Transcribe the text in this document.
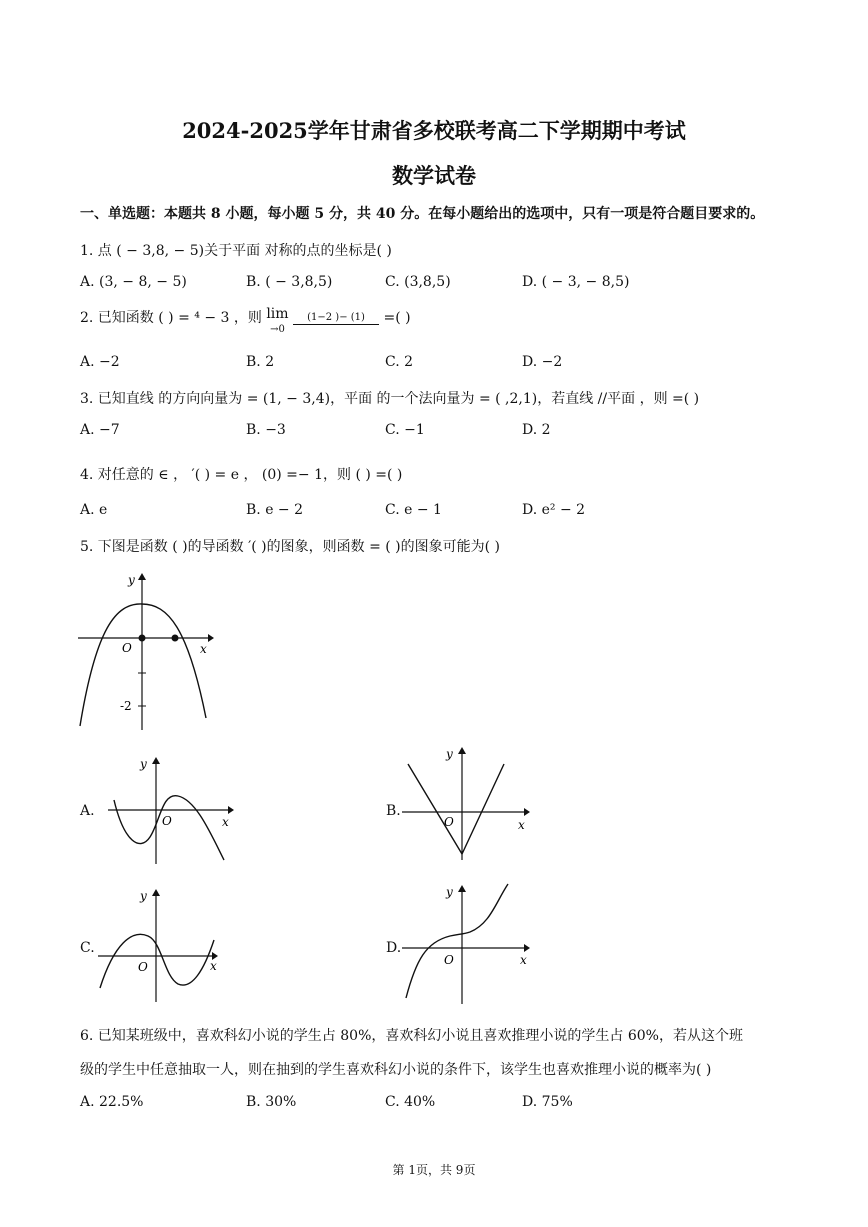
2024-2025学年甘肃省多校联考高二下学期期中考试
数学试卷
一、单选题：本题共 8 小题，每小题 5 分，共 40 分。在每小题给出的选项中，只有一项是符合题目要求的。
1. 点 ( − 3,8, − 5)关于平面 对称的点的坐标是( )
A. (3, − 8, − 5)	B. ( − 3,8,5)	C. (3,8,5)	D. ( − 3, − 8,5)
2. 已知函数 ( ) = ⁴ − 3 ，则 lim
→0 (1−2 )− (1) =( )
A. −2	B. 2	C. 2	D. −2
3. 已知直线 的方向向量为 = (1, − 3,4)，平面 的一个法向量为 = ( ,2,1)，若直线 //平面 ，则 =( )
A. −7	B. −3	C. −1	D. 2
4. 对任意的 ∈ ， ′( ) = e ， (0) =− 1，则 ( ) =( )
A. e	B. e − 2	C. e − 1	D. e² − 2
5. 下图是函数 ( )的导函数 ′( )的图象，则函数 = ( )的图象可能为( )
y
x
O
-2
A.
y
x
O
B.
y
x
O
C.
y
x
O
D.
y
x
O
6. 已知某班级中，喜欢科幻小说的学生占 80%，喜欢科幻小说且喜欢推理小说的学生占 60%，若从这个班
级的学生中任意抽取一人，则在抽到的学生喜欢科幻小说的条件下，该学生也喜欢推理小说的概率为( )
A. 22.5%	B. 30%	C. 40%	D. 75%
第 1页，共 9页
